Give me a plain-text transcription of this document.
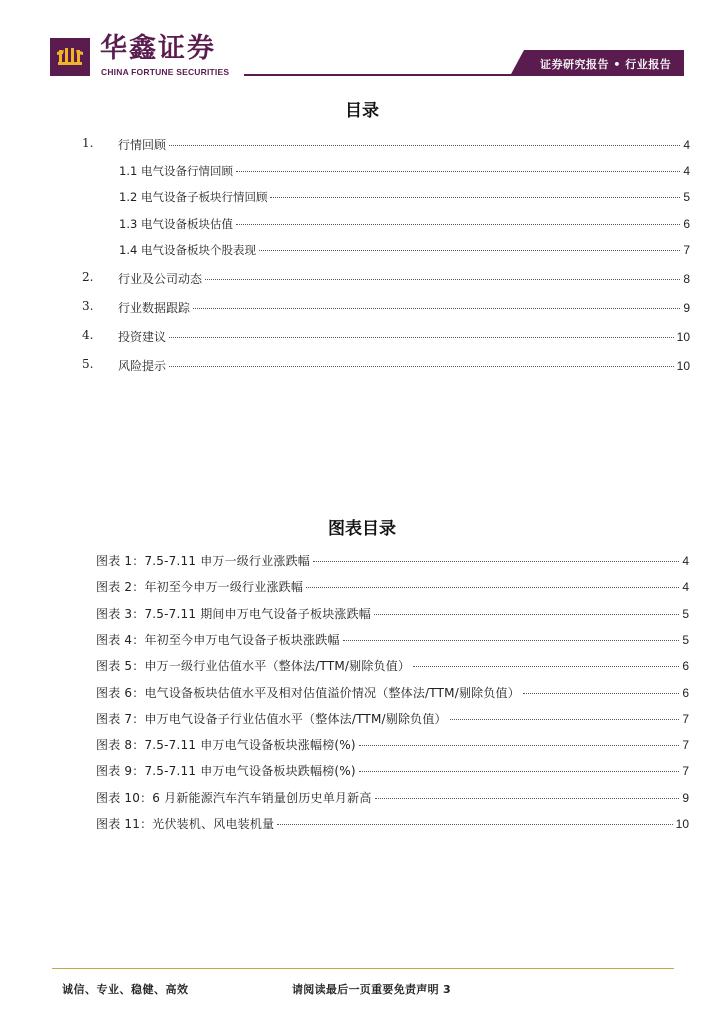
华鑫证券
CHINA FORTUNE SECURITIES
证券研究报告 • 行业报告
目录
1. 行情回顾	4
1.1 电气设备行情回顾	4
1.2 电气设备子板块行情回顾	5
1.3 电气设备板块估值	6
1.4 电气设备板块个股表现	7
2. 行业及公司动态	8
3. 行业数据跟踪	9
4. 投资建议	10
5. 风险提示	10
图表目录
图表 1：7.5-7.11 申万一级行业涨跌幅	4
图表 2：年初至今申万一级行业涨跌幅	4
图表 3：7.5-7.11 期间申万电气设备子板块涨跌幅	5
图表 4：年初至今申万电气设备子板块涨跌幅	5
图表 5：申万一级行业估值水平（整体法/TTM/剔除负值）	6
图表 6：电气设备板块估值水平及相对估值溢价情况（整体法/TTM/剔除负值）	6
图表 7：申万电气设备子行业估值水平（整体法/TTM/剔除负值）	7
图表 8：7.5-7.11 申万电气设备板块涨幅榜(%)	7
图表 9：7.5-7.11 申万电气设备板块跌幅榜(%)	7
图表 10：6 月新能源汽车汽车销量创历史单月新高	9
图表 11：光伏装机、风电装机量	10
诚信、专业、稳健、高效	请阅读最后一页重要免责声明 3
